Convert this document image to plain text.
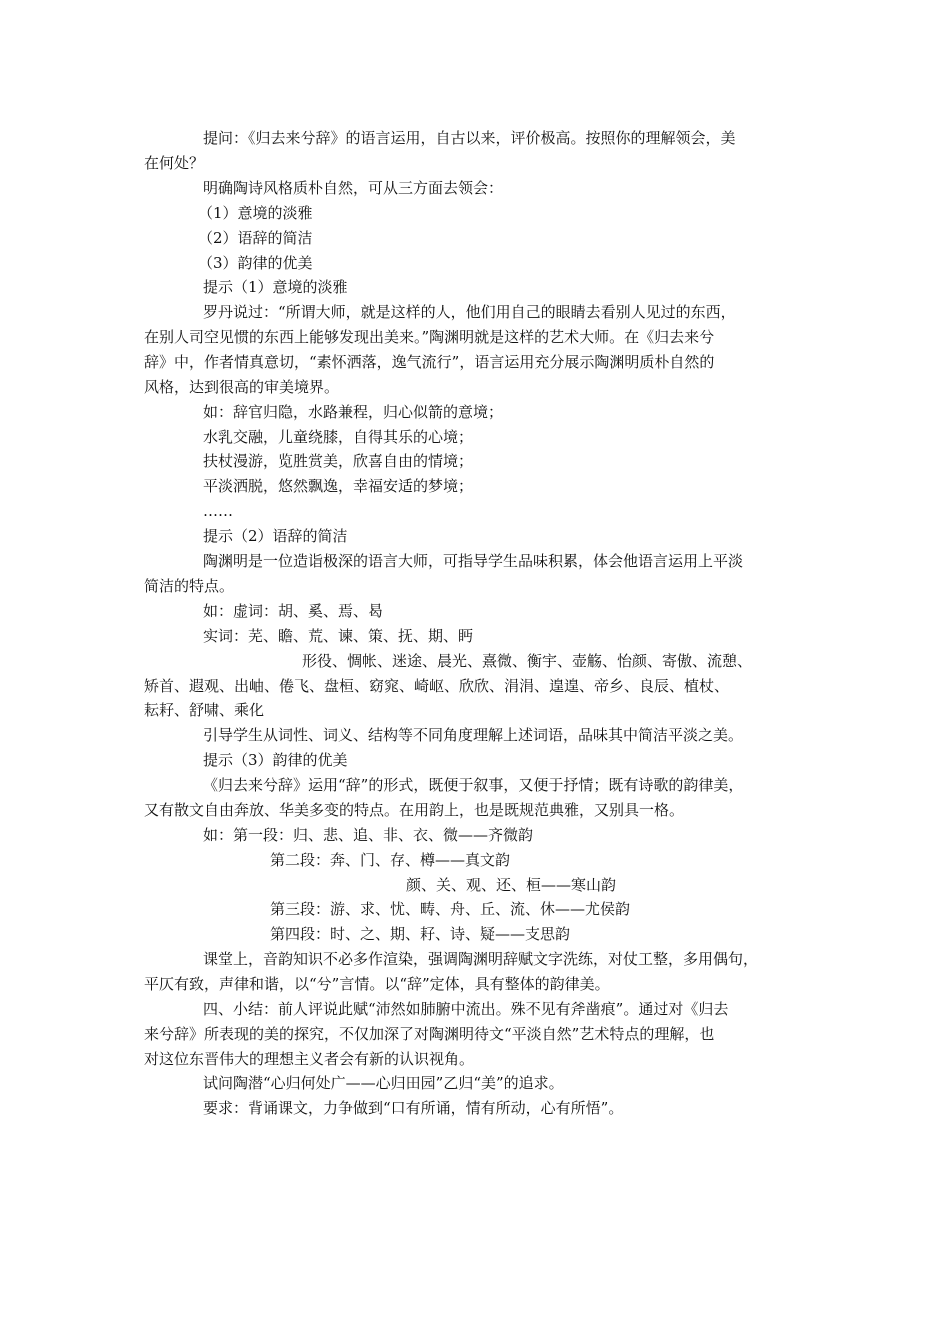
提问：《归去来兮辞》的语言运用，自古以来，评价极高。按照你的理解领会，美
在何处？
明确陶诗风格质朴自然，可从三方面去领会：
（1）意境的淡雅
（2）语辞的简洁
（3）韵律的优美
提示（1）意境的淡雅
罗丹说过：“所谓大师，就是这样的人，他们用自己的眼睛去看别人见过的东西，
在别人司空见惯的东西上能够发现出美来。”陶渊明就是这样的艺术大师。在《归去来兮
辞》中，作者情真意切，“素怀洒落，逸气流行”，语言运用充分展示陶渊明质朴自然的
风格，达到很高的审美境界。
如：辞官归隐，水路兼程，归心似箭的意境；
水乳交融，儿童绕膝，自得其乐的心境；
扶杖漫游，览胜赏美，欣喜自由的情境；
平淡洒脱，悠然飘逸，幸福安适的梦境；
……
提示（2）语辞的简洁
陶渊明是一位造诣极深的语言大师，可指导学生品味积累，体会他语言运用上平淡
简洁的特点。
如：虚词：胡、奚、焉、曷
实词：芜、瞻、荒、谏、策、抚、期、眄
形役、惆帐、迷途、晨光、熹微、衡宇、壶觞、怡颜、寄傲、流憩、
矫首、遐观、出岫、倦飞、盘桓、窈窕、崎岖、欣欣、涓涓、遑遑、帝乡、良辰、植杖、
耘耔、舒啸、乘化
引导学生从词性、词义、结构等不同角度理解上述词语，品味其中简洁平淡之美。
提示（3）韵律的优美
《归去来兮辞》运用“辞”的形式，既便于叙事，又便于抒情；既有诗歌的韵律美，
又有散文自由奔放、华美多变的特点。在用韵上，也是既规范典雅，又别具一格。
如：第一段：归、悲、追、非、衣、微——齐微韵
第二段：奔、门、存、樽——真文韵
颜、关、观、还、桓——寒山韵
第三段：游、求、忧、畴、舟、丘、流、休——尤侯韵
第四段：时、之、期、耔、诗、疑——支思韵
课堂上，音韵知识不必多作渲染，强调陶渊明辞赋文字洗练，对仗工整，多用偶句，
平仄有致，声律和谐，以“兮”言情。以“辞”定体，具有整体的韵律美。
四、小结：前人评说此赋“沛然如肺腑中流出。殊不见有斧凿痕”。通过对《归去
来兮辞》所表现的美的探究，不仅加深了对陶渊明待文“平淡自然”艺术特点的理解，也
对这位东晋伟大的理想主义者会有新的认识视角。
试问陶潜“心归何处广——心归田园”乙归“美”的追求。
要求：背诵课文，力争做到“口有所诵，情有所动，心有所悟”。
